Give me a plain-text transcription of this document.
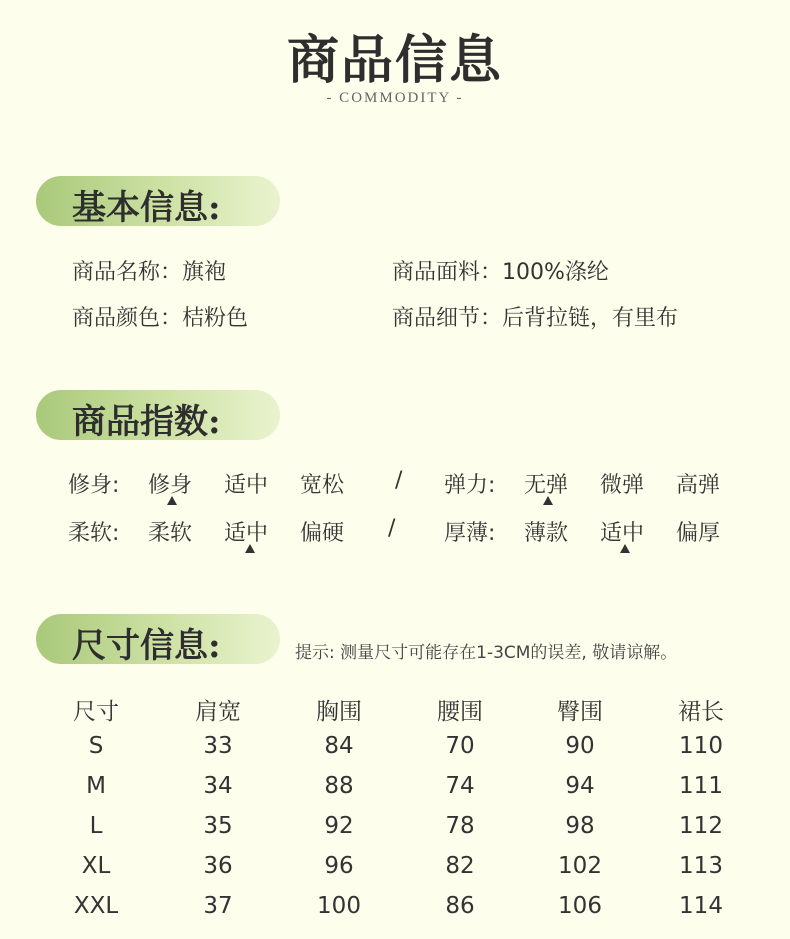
商品信息
- COMMODITY -
基本信息:
商品名称：旗袍	商品面料：100%涤纶
商品颜色：桔粉色	商品细节：后背拉链，有里布
商品指数:
修身: 修身 适中 宽松 / 弹力: 无弹 微弹 高弹
柔软: 柔软 适中 偏硬 / 厚薄: 薄款 适中 偏厚
尺寸信息:	提示: 测量尺寸可能存在1-3CM的误差, 敬请谅解。
尺寸	肩宽	胸围	腰围	臀围	裙长
S	33	84	70	90	110
M	34	88	74	94	111
L	35	92	78	98	112
XL	36	96	82	102	113
XXL	37	100	86	106	114
